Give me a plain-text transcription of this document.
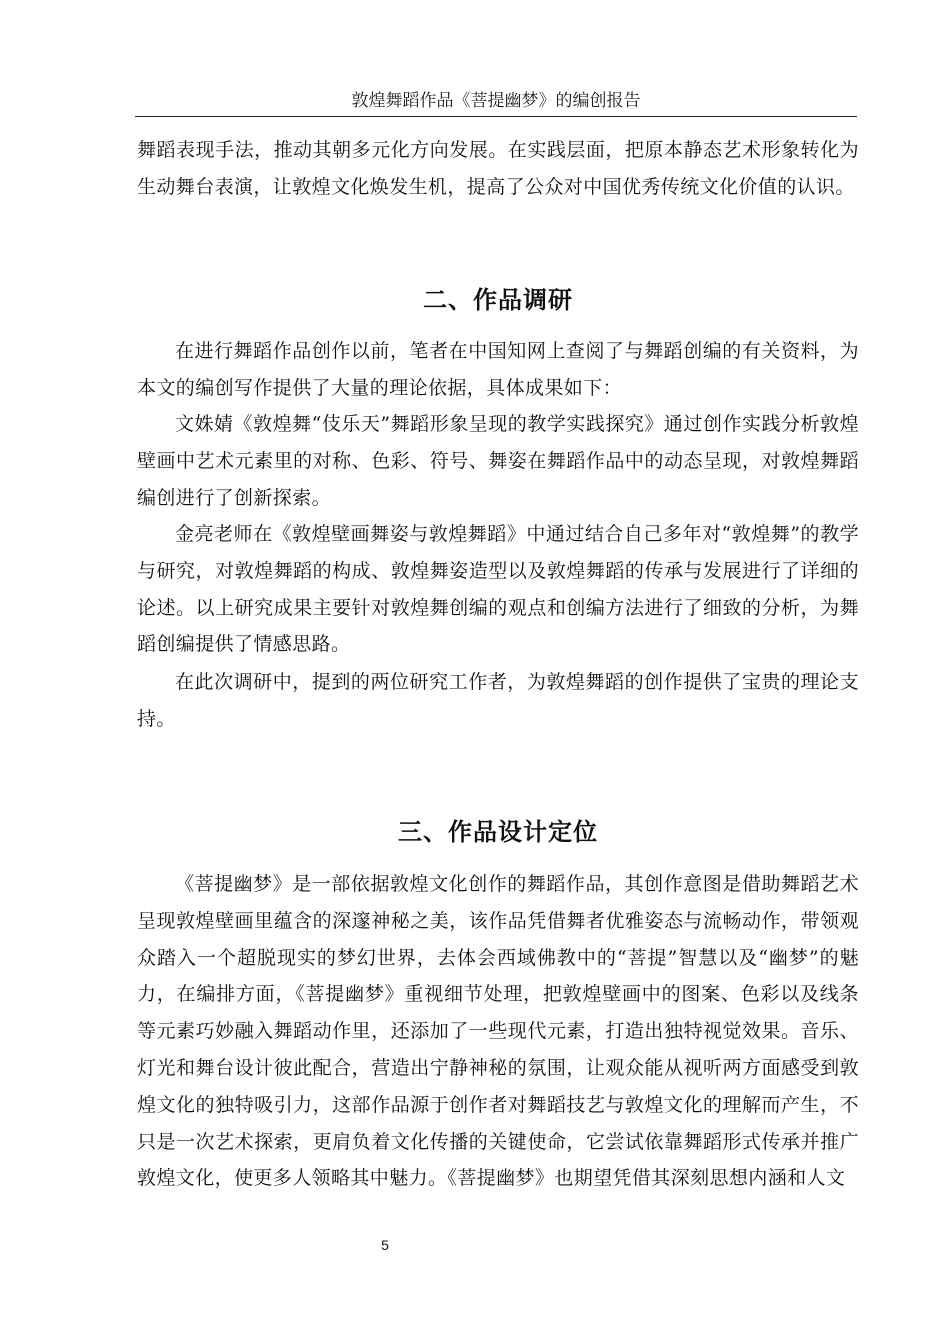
敦煌舞蹈作品《菩提幽梦》的编创报告

舞蹈表现手法，推动其朝多元化方向发展。在实践层面，把原本静态艺术形象转化为生动舞台表演，让敦煌文化焕发生机，提高了公众对中国优秀传统文化价值的认识。

二、作品调研

在进行舞蹈作品创作以前，笔者在中国知网上查阅了与舞蹈创编的有关资料，为本文的编创写作提供了大量的理论依据，具体成果如下：

文姝婧《敦煌舞“伎乐天”舞蹈形象呈现的教学实践探究》通过创作实践分析敦煌壁画中艺术元素里的对称、色彩、符号、舞姿在舞蹈作品中的动态呈现，对敦煌舞蹈编创进行了创新探索。

金亮老师在《敦煌壁画舞姿与敦煌舞蹈》中通过结合自己多年对“敦煌舞”的教学与研究，对敦煌舞蹈的构成、敦煌舞姿造型以及敦煌舞蹈的传承与发展进行了详细的论述。以上研究成果主要针对敦煌舞创编的观点和创编方法进行了细致的分析，为舞蹈创编提供了情感思路。

在此次调研中，提到的两位研究工作者，为敦煌舞蹈的创作提供了宝贵的理论支持。

三、作品设计定位

《菩提幽梦》是一部依据敦煌文化创作的舞蹈作品，其创作意图是借助舞蹈艺术呈现敦煌壁画里蕴含的深邃神秘之美，该作品凭借舞者优雅姿态与流畅动作，带领观众踏入一个超脱现实的梦幻世界，去体会西域佛教中的“菩提”智慧以及“幽梦”的魅力，在编排方面，《菩提幽梦》重视细节处理，把敦煌壁画中的图案、色彩以及线条等元素巧妙融入舞蹈动作里，还添加了一些现代元素，打造出独特视觉效果。音乐、灯光和舞台设计彼此配合，营造出宁静神秘的氛围，让观众能从视听两方面感受到敦煌文化的独特吸引力，这部作品源于创作者对舞蹈技艺与敦煌文化的理解而产生，不只是一次艺术探索，更肩负着文化传播的关键使命，它尝试依靠舞蹈形式传承并推广敦煌文化，使更多人领略其中魅力。《菩提幽梦》也期望凭借其深刻思想内涵和人文

5
